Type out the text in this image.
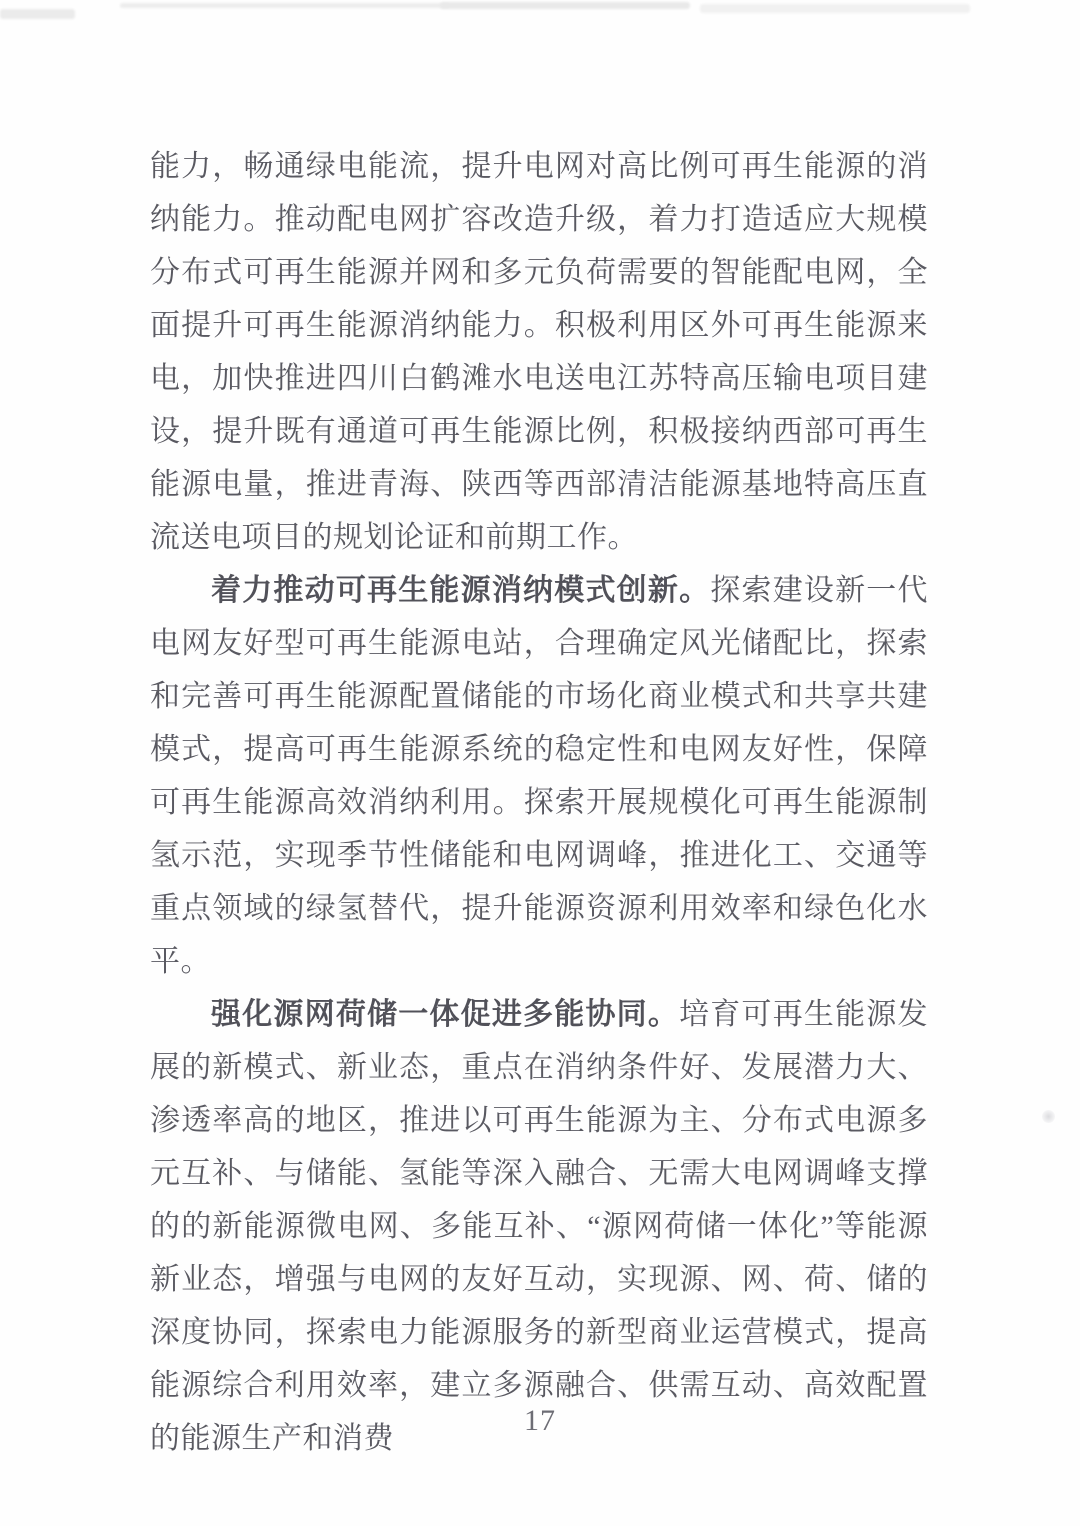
能力，畅通绿电能流，提升电网对高比例可再生能源的消纳能力。推动配电网扩容改造升级，着力打造适应大规模分布式可再生能源并网和多元负荷需要的智能配电网，全面提升可再生能源消纳能力。积极利用区外可再生能源来电，加快推进四川白鹤滩水电送电江苏特高压输电项目建设，提升既有通道可再生能源比例，积极接纳西部可再生能源电量，推进青海、陕西等西部清洁能源基地特高压直流送电项目的规划论证和前期工作。

着力推动可再生能源消纳模式创新。探索建设新一代电网友好型可再生能源电站，合理确定风光储配比，探索和完善可再生能源配置储能的市场化商业模式和共享共建模式，提高可再生能源系统的稳定性和电网友好性，保障可再生能源高效消纳利用。探索开展规模化可再生能源制氢示范，实现季节性储能和电网调峰，推进化工、交通等重点领域的绿氢替代，提升能源资源利用效率和绿色化水平。

强化源网荷储一体促进多能协同。培育可再生能源发展的新模式、新业态，重点在消纳条件好、发展潜力大、渗透率高的地区，推进以可再生能源为主、分布式电源多元互补、与储能、氢能等深入融合、无需大电网调峰支撑的的新能源微电网、多能互补、“源网荷储一体化”等能源新业态，增强与电网的友好互动，实现源、网、荷、储的深度协同，探索电力能源服务的新型商业运营模式，提高能源综合利用效率，建立多源融合、供需互动、高效配置的能源生产和消费

17
